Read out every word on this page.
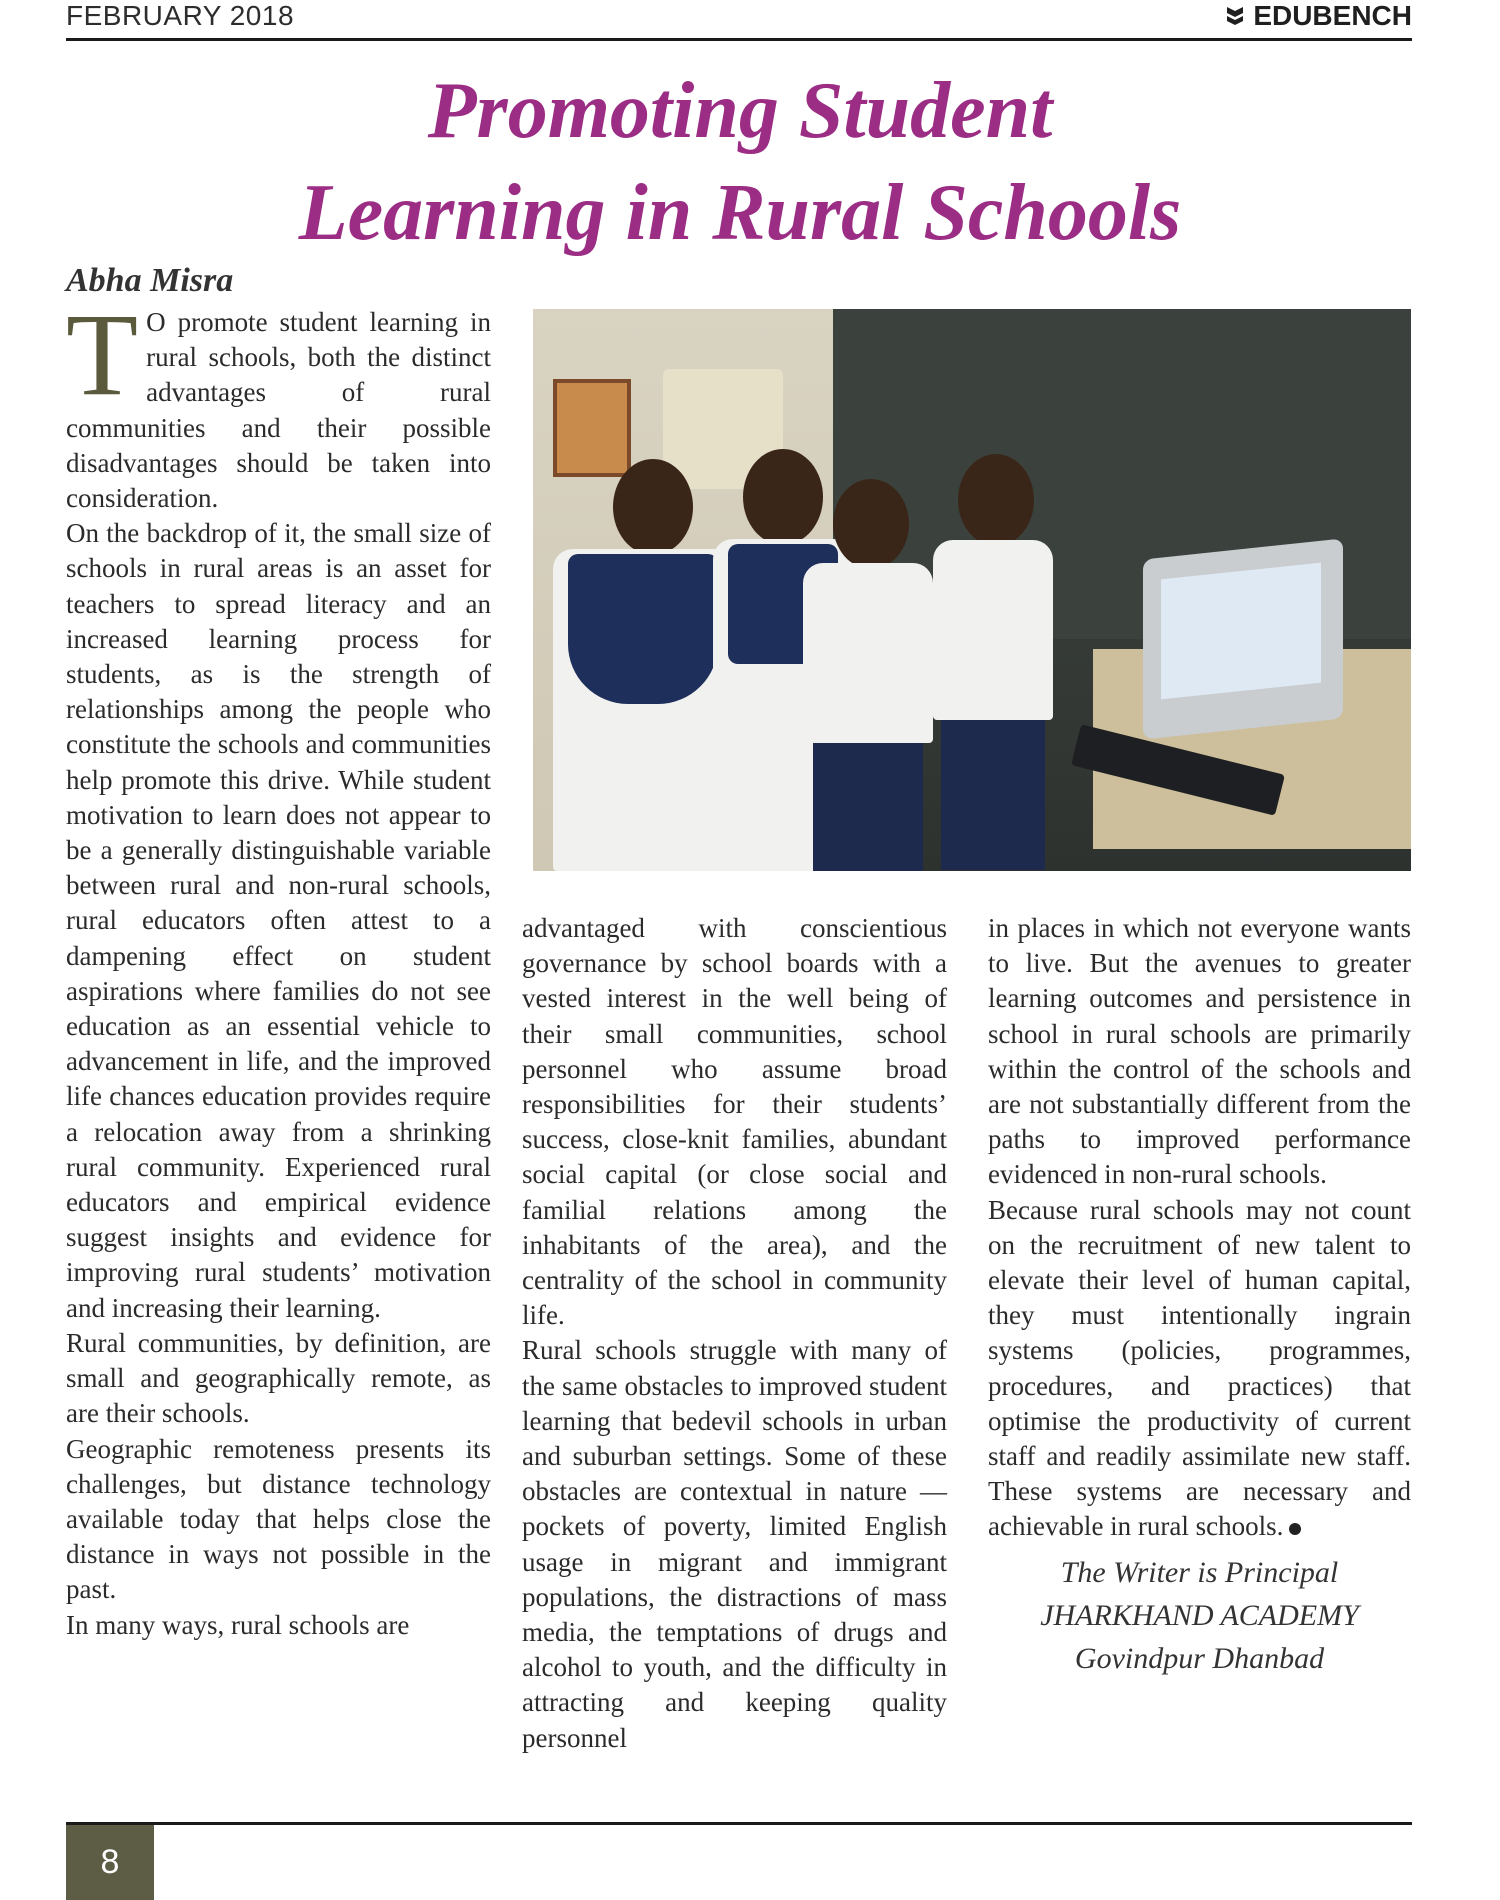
FEBRUARY 2018	EDUBENCH
Promoting Student
Learning in Rural Schools
Abha Misra

T O promote student learning in rural schools, both the distinct advantages of rural communities and their possible disadvantages should be taken into consideration.

On the backdrop of it, the small size of schools in rural areas is an asset for teachers to spread literacy and an increased learning process for students, as is the strength of relationships among the people who constitute the schools and communities help promote this drive. While student motivation to learn does not appear to be a generally distinguishable variable between rural and non-rural schools, rural educators often attest to a dampening effect on student aspirations where families do not see education as an essential vehicle to advancement in life, and the improved life chances education provides require a relocation away from a shrinking rural community. Experienced rural educators and empirical evidence suggest insights and evidence for improving rural students’ motivation and increasing their learning.

Rural communities, by definition, are small and geographically remote, as are their schools.

Geographic remoteness presents its challenges, but distance technology available today that helps close the distance in ways not possible in the past.

In many ways, rural schools are

advantaged with conscientious governance by school boards with a vested interest in the well being of their small communities, school personnel who assume broad responsibilities for their students’ success, close-knit families, abundant social capital (or close social and familial relations among the inhabitants of the area), and the centrality of the school in community life.

Rural schools struggle with many of the same obstacles to improved student learning that bedevil schools in urban and suburban settings. Some of these obstacles are contextual in nature — pockets of poverty, limited English usage in migrant and immigrant populations, the distractions of mass media, the temptations of drugs and alcohol to youth, and the difficulty in attracting and keeping quality personnel

in places in which not everyone wants to live. But the avenues to greater learning outcomes and persistence in school in rural schools are primarily within the control of the schools and are not substantially different from the paths to improved performance evidenced in non-rural schools.

Because rural schools may not count on the recruitment of new talent to elevate their level of human capital, they must intentionally ingrain systems (policies, programmes, procedures, and practices) that optimise the productivity of current staff and readily assimilate new staff. These systems are necessary and achievable in rural schools.

The Writer is Principal
JHARKHAND ACADEMY
Govindpur Dhanbad
8
